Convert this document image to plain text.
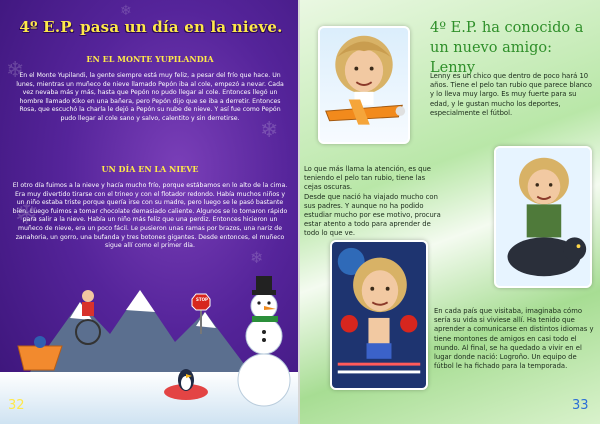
❄
❄
❄
❄
❄
4º E.P. pasa un día en la nieve.
EN EL MONTE YUPILANDIA
En el Monte Yupilandi, la gente siempre está muy feliz, a pesar del frío que hace. Un lunes, mientras un muñeco de nieve llamado Pepón iba al cole, empezó a nevar. Cada vez nevaba más y más, hasta que Pepón no pudo llegar al cole. Entonces llegó un hombre llamado Kiko en una bañera, pero Pepón dijo que se iba a derretir. Entonces Rosa, que escuchó la charla le dejó a Pepón su nube de nieve. Y así fue como Pepón pudo llegar al cole sano y salvo, calentito y sin derretirse.
UN DÍA EN LA NIEVE
El otro día fuimos a la nieve y hacía mucho frío, porque estábamos en lo alto de la cima. Era muy divertido tirarse con el trineo y con el flotador redondo. Había muchos niños y un niño estaba triste porque quería irse con su madre, pero luego se le pasó bastante bien. Luego fuimos a tomar chocolate demasiado caliente. Algunos se lo tomaron rápido para salir a la nieve. Había un niño más feliz que una perdiz. Entonces hicieron un muñeco de nieve, era un poco fácil. Le pusieron unas ramas por brazos, una nariz de zanahoria, un gorro, una bufanda y tres botones gigantes. Desde entonces, el muñeco sigue allí como el primer día.
STOP
32
4º E.P. ha conocido a un nuevo amigo: Lenny
Lenny es un chico que dentro de poco hará 10 años. Tiene el pelo tan rubio que parece blanco y lo lleva muy largo. Es muy fuerte para su edad, y le gustan mucho los deportes, especialmente el fútbol.
Lo que más llama la atención, es que teniendo el pelo tan rubio, tiene las cejas oscuras.
Desde que nació ha viajado mucho con sus padres. Y aunque no ha podido estudiar mucho por ese motivo, procura estar atento a todo para aprender de todo lo que ve.
En cada país que visitaba, imaginaba cómo sería su vida si viviese allí. Ha tenido que aprender a comunicarse en distintos idiomas y tiene montones de amigos en casi todo el mundo. Al final, se ha quedado a vivir en el lugar donde nació: Logroño. Un equipo de fútbol le ha fichado para la temporada.
33
